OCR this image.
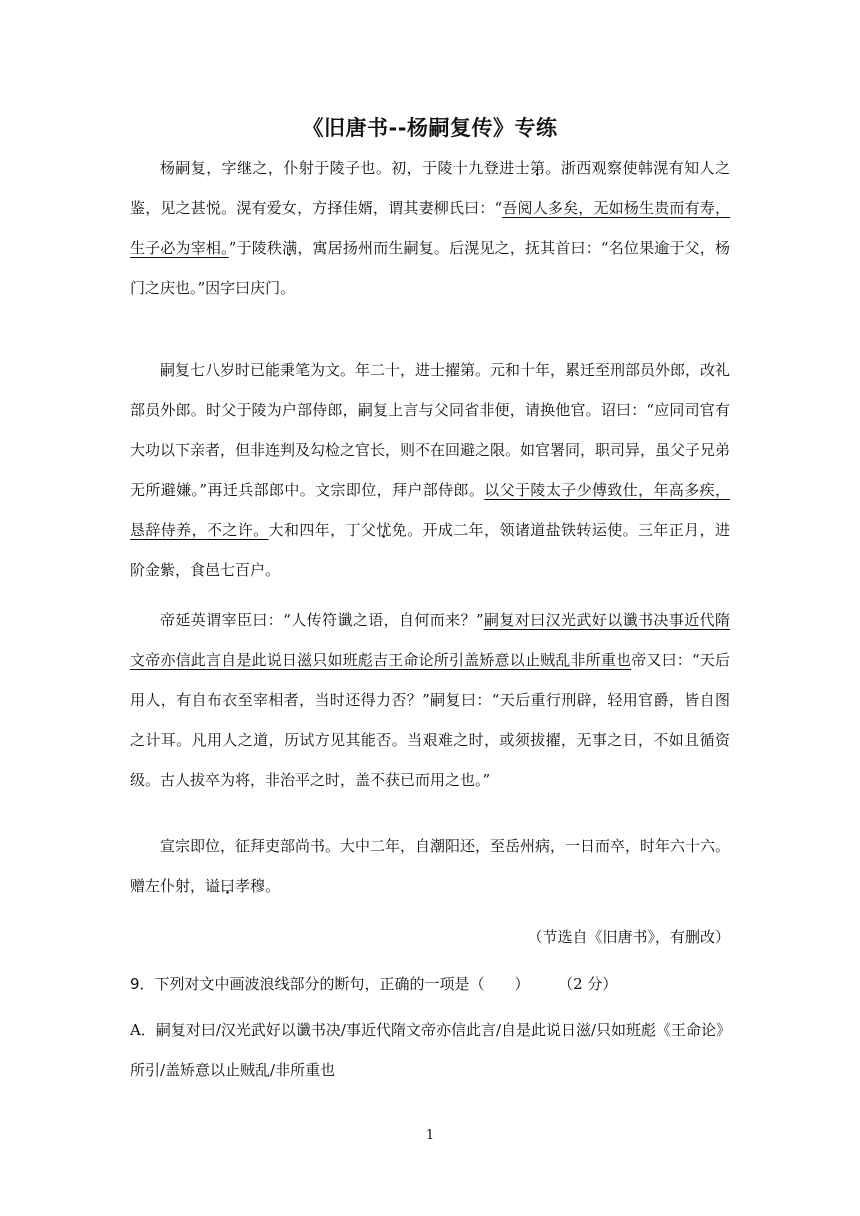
《旧唐书--杨嗣复传》专练

杨嗣复，字继之，仆射于陵子也。初，于陵十九登进士第。浙西观察使韩滉有知人之鉴，见之甚悦。滉有爱女，方择佳婿，谓其妻柳氏曰：“吾阅人多矣，无如杨生贵而有寿，生子必为宰相。”于陵秩满，寓居扬州而生嗣复。后滉见之，抚其首曰：“名位果逾于父，杨门之庆也。”因字曰庆门。

嗣复七八岁时已能秉笔为文。年二十，进士擢第。元和十年，累迁至刑部员外郎，改礼部员外郎。时父于陵为户部侍郎，嗣复上言与父同省非便，请换他官。诏曰：“应同司官有大功以下亲者，但非连判及勾检之官长，则不在回避之限。如官署同，职司异，虽父子兄弟无所避嫌。”再迁兵部郎中。文宗即位，拜户部侍郎。以父于陵太子少傅致仕，年高多疾，恳辞侍养，不之许。大和四年，丁父忧免。开成二年，领诸道盐铁转运使。三年正月，进阶金紫，食邑七百户。

帝延英谓宰臣曰：“人传符谶之语，自何而来？”嗣复对曰汉光武好以谶书决事近代隋文帝亦信此言自是此说日滋只如班彪吉王命论所引盖矫意以止贼乱非所重也帝又曰：“天后用人，有自布衣至宰相者，当时还得力否？”嗣复曰：“天后重行刑辟，轻用官爵，皆自图之计耳。凡用人之道，历试方见其能否。当艰难之时，或须拔擢，无事之日，不如且循资级。古人拔卒为将，非治平之时，盖不获已而用之也。”

宣宗即位，征拜吏部尚书。大中二年，自潮阳还，至岳州病，一日而卒，时年六十六。赠左仆射，谥曰孝穆。

（节选自《旧唐书》，有删改）

9．下列对文中画波浪线部分的断句，正确的一项是（　　） （2 分）

A．嗣复对曰/汉光武好以谶书决/事近代隋文帝亦信此言/自是此说日滋/只如班彪《王命论》所引/盖矫意以止贼乱/非所重也

1
